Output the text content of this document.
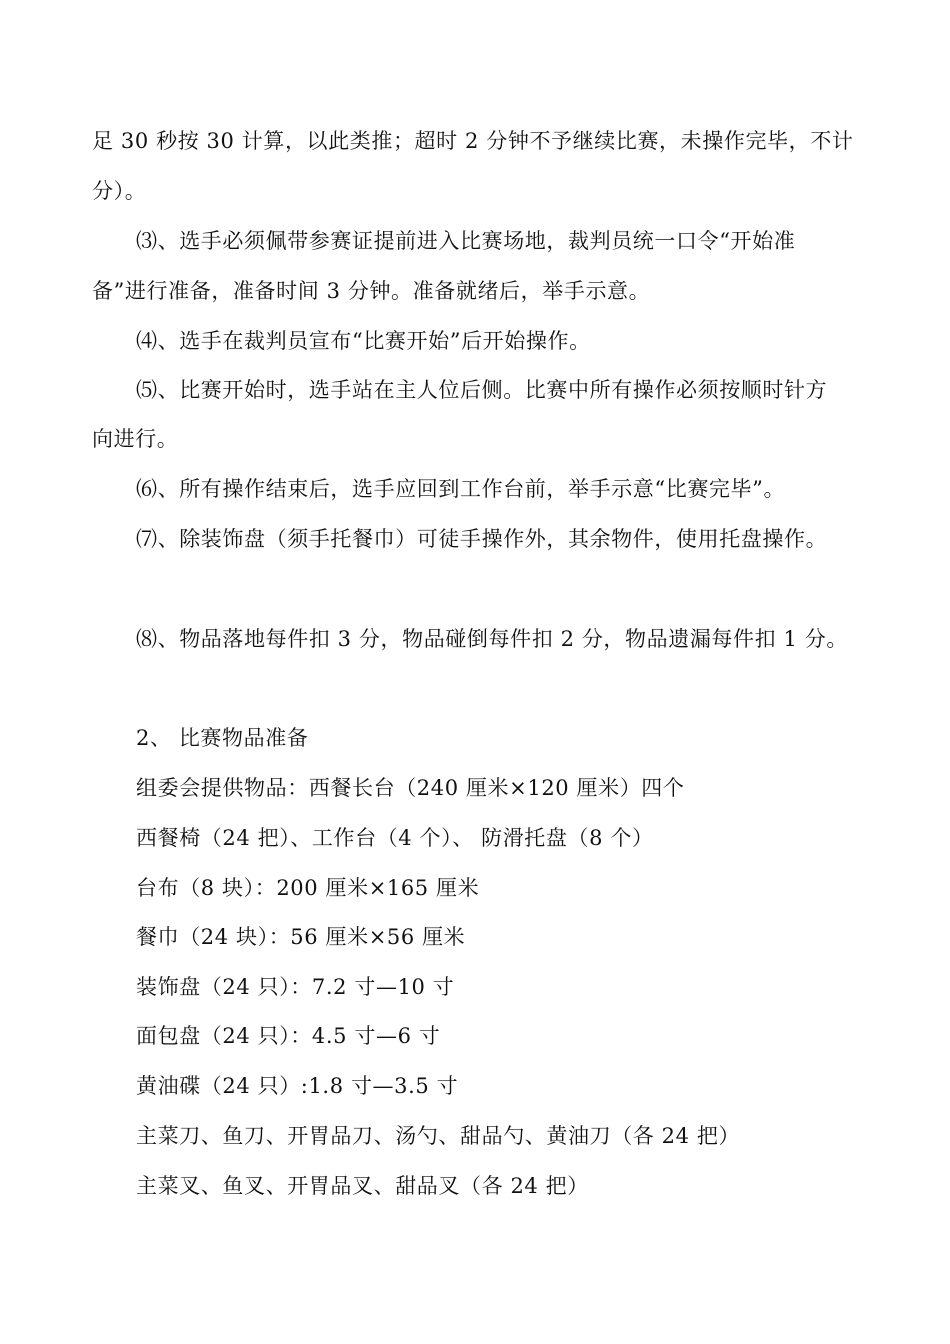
足 30 秒按 30 计算，以此类推；超时 2 分钟不予继续比赛，未操作完毕，不计
分）。
⑶、选手必须佩带参赛证提前进入比赛场地，裁判员统一口令“开始准
备”进行准备，准备时间 3 分钟。准备就绪后，举手示意。
⑷、选手在裁判员宣布“比赛开始”后开始操作。
⑸、比赛开始时，选手站在主人位后侧。比赛中所有操作必须按顺时针方
向进行。
⑹、所有操作结束后，选手应回到工作台前，举手示意“比赛完毕”。
⑺、除装饰盘（须手托餐巾）可徒手操作外，其余物件，使用托盘操作。
⑻、物品落地每件扣 3 分，物品碰倒每件扣 2 分，物品遗漏每件扣 1 分。
2、 比赛物品准备
组委会提供物品：西餐长台（240 厘米×120 厘米）四个
西餐椅（24 把）、工作台（4 个）、 防滑托盘（8 个）
台布（8 块）：200 厘米×165 厘米
餐巾（24 块）：56 厘米×56 厘米
装饰盘（24 只）：7.2 寸—10 寸
面包盘（24 只）：4.5 寸—6 寸
黄油碟（24 只）:1.8 寸—3.5 寸
主菜刀、鱼刀、开胃品刀、汤勺、甜品勺、黄油刀（各 24 把）
主菜叉、鱼叉、开胃品叉、甜品叉（各 24 把）
